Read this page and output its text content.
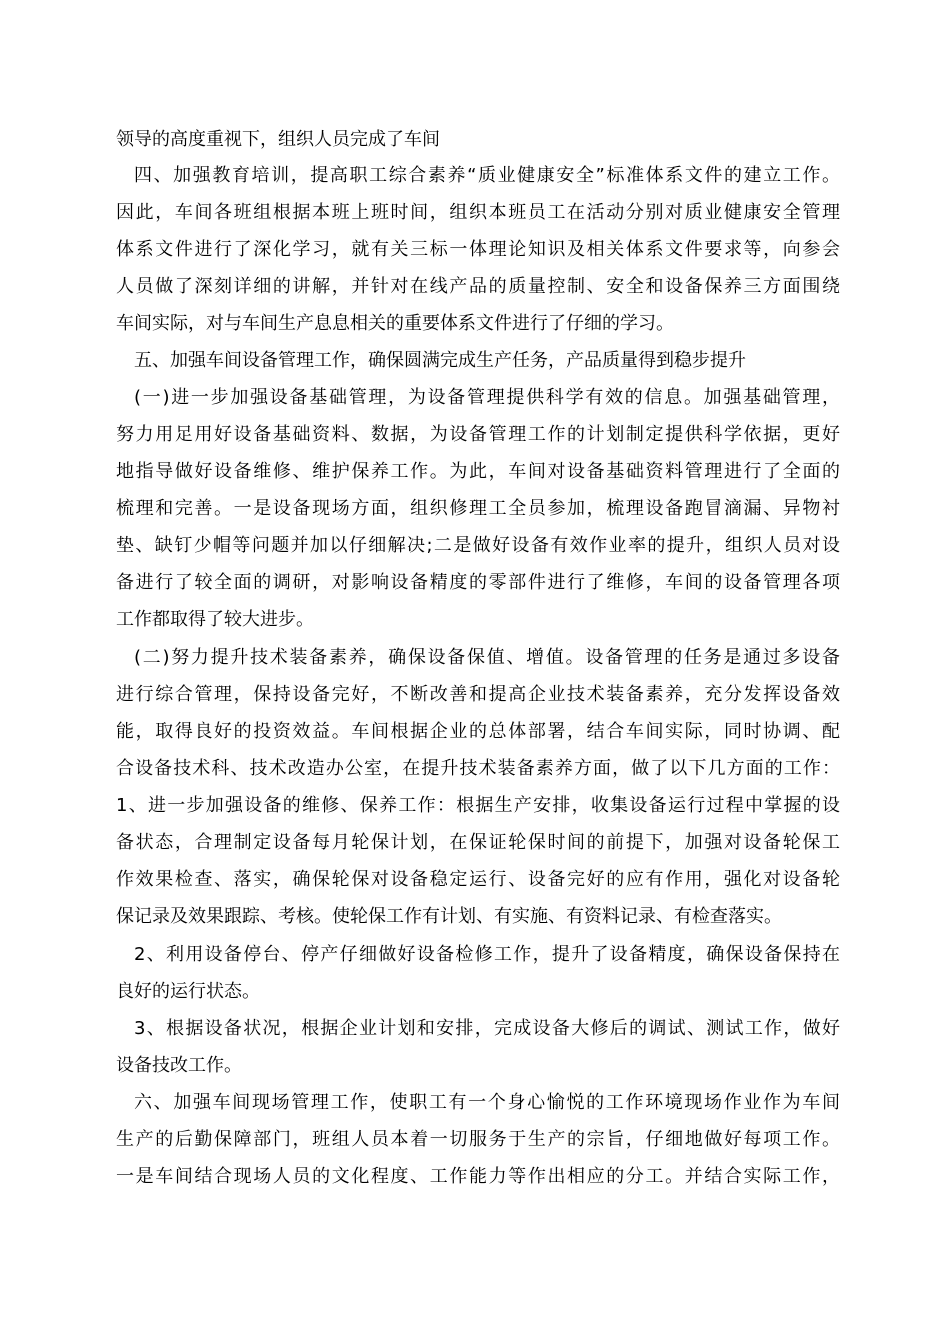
领导的高度重视下，组织人员完成了车间
四、加强教育培训，提高职工综合素养“质业健康安全”标准体系文件的建立工作。
因此，车间各班组根据本班上班时间，组织本班员工在活动分别对质业健康安全管理
体系文件进行了深化学习，就有关三标一体理论知识及相关体系文件要求等，向参会
人员做了深刻详细的讲解，并针对在线产品的质量控制、安全和设备保养三方面围绕
车间实际，对与车间生产息息相关的重要体系文件进行了仔细的学习。
五、加强车间设备管理工作，确保圆满完成生产任务，产品质量得到稳步提升
(一)进一步加强设备基础管理，为设备管理提供科学有效的信息。加强基础管理，
努力用足用好设备基础资料、数据，为设备管理工作的计划制定提供科学依据，更好
地指导做好设备维修、维护保养工作。为此，车间对设备基础资料管理进行了全面的
梳理和完善。一是设备现场方面，组织修理工全员参加，梳理设备跑冒滴漏、异物衬
垫、缺钉少帽等问题并加以仔细解决;二是做好设备有效作业率的提升，组织人员对设
备进行了较全面的调研，对影响设备精度的零部件进行了维修，车间的设备管理各项
工作都取得了较大进步。
(二)努力提升技术装备素养，确保设备保值、增值。设备管理的任务是通过多设备
进行综合管理，保持设备完好，不断改善和提高企业技术装备素养，充分发挥设备效
能，取得良好的投资效益。车间根据企业的总体部署，结合车间实际，同时协调、配
合设备技术科、技术改造办公室，在提升技术装备素养方面，做了以下几方面的工作：
1、进一步加强设备的维修、保养工作：根据生产安排，收集设备运行过程中掌握的设
备状态，合理制定设备每月轮保计划，在保证轮保时间的前提下，加强对设备轮保工
作效果检查、落实，确保轮保对设备稳定运行、设备完好的应有作用，强化对设备轮
保记录及效果跟踪、考核。使轮保工作有计划、有实施、有资料记录、有检查落实。
2、利用设备停台、停产仔细做好设备检修工作，提升了设备精度，确保设备保持在
良好的运行状态。
3、根据设备状况，根据企业计划和安排，完成设备大修后的调试、测试工作，做好
设备技改工作。
六、加强车间现场管理工作，使职工有一个身心愉悦的工作环境现场作业作为车间
生产的后勤保障部门，班组人员本着一切服务于生产的宗旨，仔细地做好每项工作。
一是车间结合现场人员的文化程度、工作能力等作出相应的分工。并结合实际工作，
